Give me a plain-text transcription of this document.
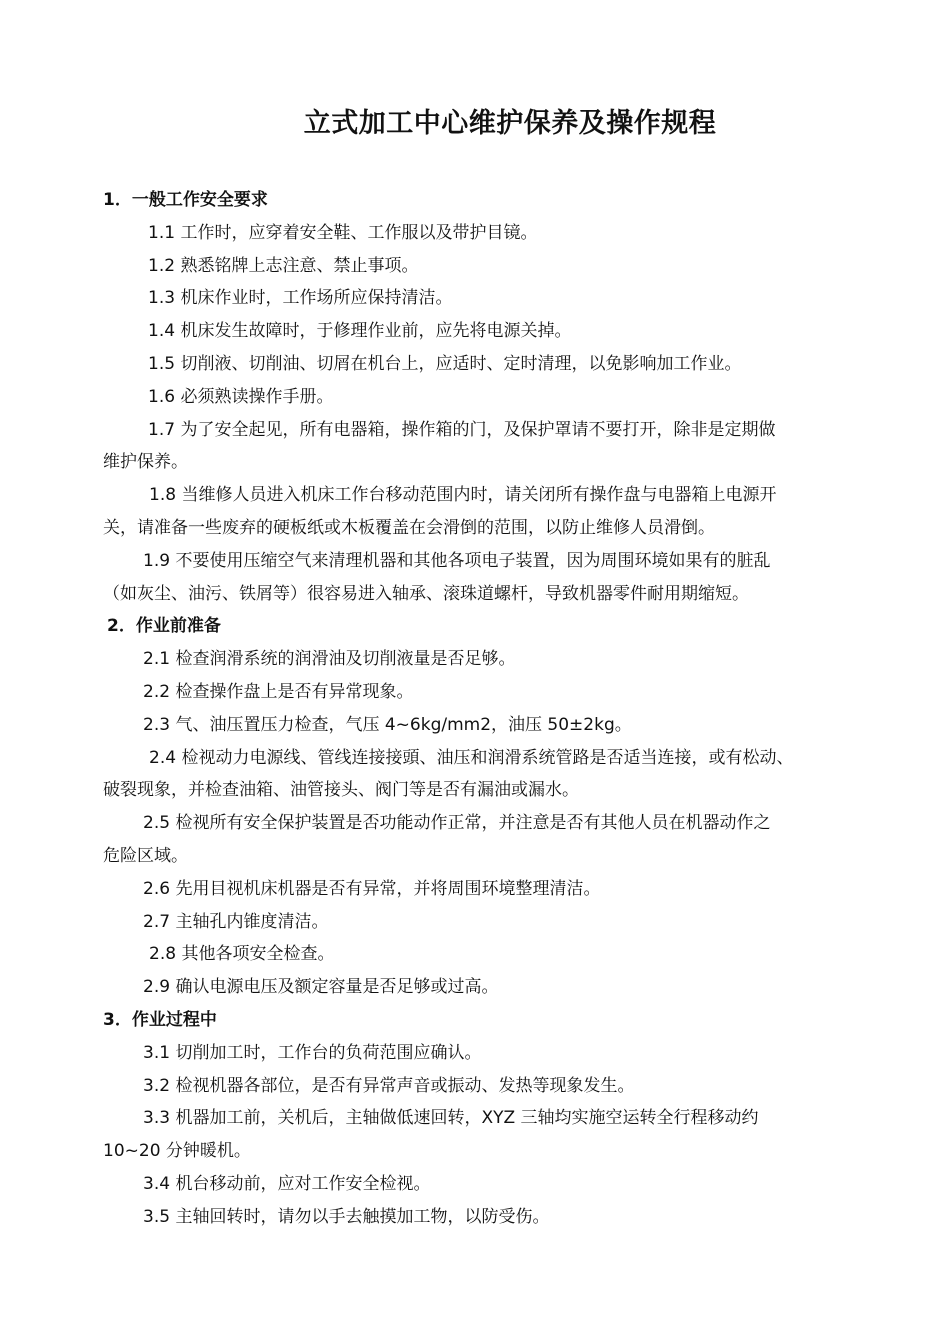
立式加工中心维护保养及操作规程
1．一般工作安全要求
1.1 工作时，应穿着安全鞋、工作服以及带护目镜。
1.2 熟悉铭牌上志注意、禁止事项。
1.3 机床作业时，工作场所应保持清洁。
1.4 机床发生故障时，于修理作业前，应先将电源关掉。
1.5 切削液、切削油、切屑在机台上，应适时、定时清理，以免影响加工作业。
1.6 必须熟读操作手册。
1.7 为了安全起见，所有电器箱，操作箱的门，及保护罩请不要打开，除非是定期做
维护保养。
1.8 当维修人员进入机床工作台移动范围内时，请关闭所有操作盘与电器箱上电源开
关，请准备一些废弃的硬板纸或木板覆盖在会滑倒的范围，以防止维修人员滑倒。
1.9 不要使用压缩空气来清理机器和其他各项电子装置，因为周围环境如果有的脏乱
（如灰尘、油污、铁屑等）很容易进入轴承、滚珠道螺杆，导致机器零件耐用期缩短。
2．作业前准备
2.1 检查润滑系统的润滑油及切削液量是否足够。
2.2 检查操作盘上是否有异常现象。
2.3 气、油压置压力检查，气压 4~6kg/mm2，油压 50±2kg。
2.4 检视动力电源线、管线连接接頭、油压和润滑系统管路是否适当连接，或有松动、
破裂现象，并检查油箱、油管接头、阀门等是否有漏油或漏水。
2.5 检视所有安全保护装置是否功能动作正常，并注意是否有其他人员在机器动作之
危险区域。
2.6 先用目视机床机器是否有异常，并将周围环境整理清洁。
2.7 主轴孔内锥度清洁。
2.8 其他各项安全检查。
2.9 确认电源电压及额定容量是否足够或过高。
3．作业过程中
3.1 切削加工时，工作台的负荷范围应确认。
3.2 检视机器各部位，是否有异常声音或振动、发热等现象发生。
3.3 机器加工前，关机后，主轴做低速回转，XYZ 三轴均实施空运转全行程移动约
10~20 分钟暖机。
3.4 机台移动前，应对工作安全检视。
3.5 主轴回转时，请勿以手去触摸加工物，以防受伤。
